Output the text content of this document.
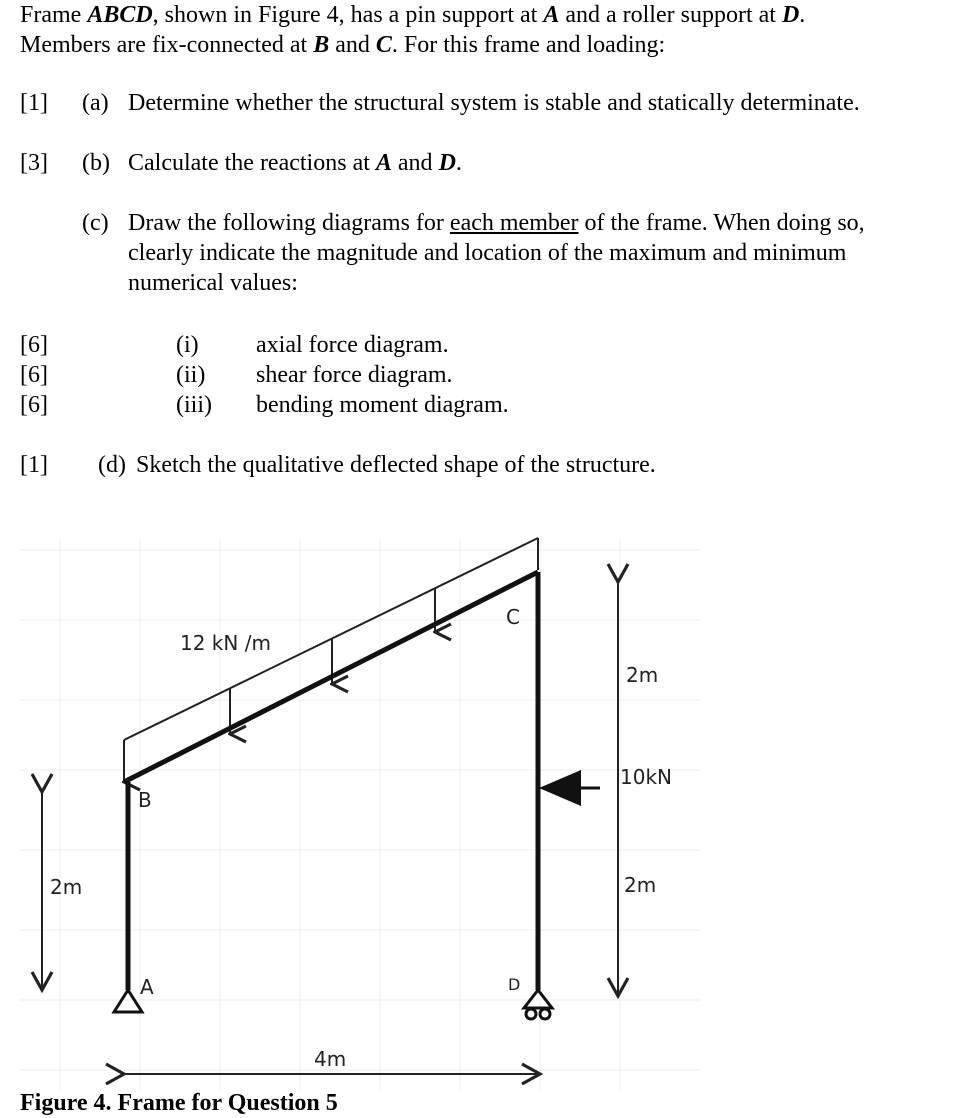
Frame ABCD, shown in Figure 4, has a pin support at A and a roller support at D.
Members are fix-connected at B and C. For this frame and loading:
[1] (a) Determine whether the structural system is stable and statically determinate.
[3] (b) Calculate the reactions at A and D.
(c) Draw the following diagrams for each member of the frame. When doing so,
clearly indicate the magnitude and location of the maximum and minimum
numerical values:
[6]	(i) axial force diagram.
[6]	(ii) shear force diagram.
[6]	(iii) bending moment diagram.
[1] (d) Sketch the qualitative deflected shape of the structure.
12 kN /m
B
C
A	D
2m
2m
2m
10kN
4m
Figure 4. Frame for Question 5
